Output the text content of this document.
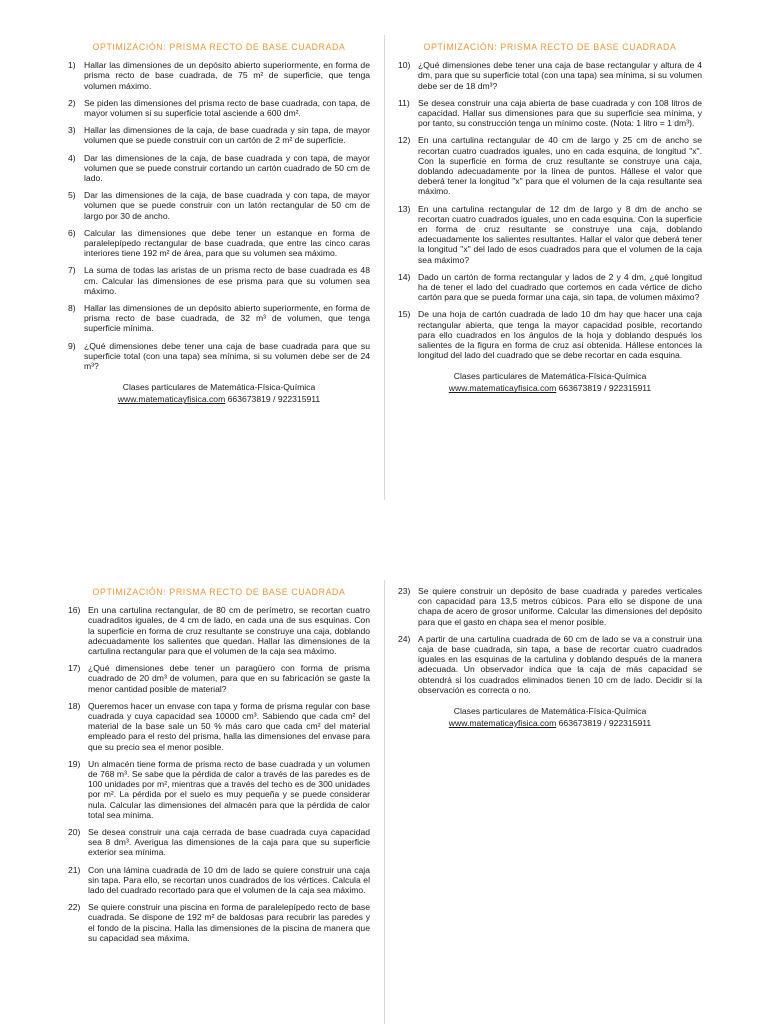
OPTIMIZACIÓN: PRISMA RECTO DE BASE CUADRADA
1) Hallar las dimensiones de un depósito abierto superiormente, en forma de prisma recto de base cuadrada, de 75 m² de superficie, que tenga volumen máximo.
2) Se piden las dimensiones del prisma recto de base cuadrada, con tapa, de mayor volumen si su superficie total asciende a 600 dm².
3) Hallar las dimensiones de la caja, de base cuadrada y sin tapa, de mayor volumen que se puede construir con un cartón de 2 m² de superficie.
4) Dar las dimensiones de la caja, de base cuadrada y con tapa, de mayor volumen que se puede construir cortando un cartón cuadrado de 50 cm de lado.
5) Dar las dimensiones de la caja, de base cuadrada y con tapa, de mayor volumen que se puede construir con un latón rectangular de 50 cm de largo por 30 de ancho.
6) Calcular las dimensiones que debe tener un estanque en forma de paralelepípedo rectangular de base cuadrada, que entre las cinco caras interiores tiene 192 m² de área, para que su volumen sea máximo.
7) La suma de todas las aristas de un prisma recto de base cuadrada es 48 cm. Calcular las dimensiones de ese prisma para que su volumen sea máximo.
8) Hallar las dimensiones de un depósito abierto superiormente, en forma de prisma recto de base cuadrada, de 32 m³ de volumen, que tenga superficie mínima.
9) ¿Qué dimensiones debe tener una caja de base cuadrada para que su superficie total (con una tapa) sea mínima, si su volumen debe ser de 24 m³?
Clases particulares de Matemática-Física-Química
www.matematicayfisica.com 663673819 / 922315911
OPTIMIZACIÓN: PRISMA RECTO DE BASE CUADRADA
10) ¿Qué dimensiones debe tener una caja de base rectangular y altura de 4 dm, para que su superficie total (con una tapa) sea mínima, si su volumen debe ser de 18 dm³?
11) Se desea construir una caja abierta de base cuadrada y con 108 litros de capacidad. Hallar sus dimensiones para que su superficie sea mínima, y por tanto, su construcción tenga un mínimo coste. (Nota: 1 litro = 1 dm³).
12) En una cartulina rectangular de 40 cm de largo y 25 cm de ancho se recortan cuatro cuadrados iguales, uno en cada esquina, de longitud "x". Con la superficie en forma de cruz resultante se construye una caja, doblando adecuadamente por la línea de puntos. Hállese el valor que deberá tener la longitud "x" para que el volumen de la caja resultante sea máximo.
13) En una cartulina rectangular de 12 dm de largo y 8 dm de ancho se recortan cuatro cuadrados iguales, uno en cada esquina. Con la superficie en forma de cruz resultante se construye una caja, doblando adecuadamente los salientes resultantes. Hallar el valor que deberá tener la longitud "x" del lado de esos cuadrados para que el volumen de la caja sea máximo?
14) Dado un cartón de forma rectangular y lados de 2 y 4 dm, ¿qué longitud ha de tener el lado del cuadrado que cortemos en cada vértice de dicho cartón para que se pueda formar una caja, sin tapa, de volumen máximo?
15) De una hoja de cartón cuadrada de lado 10 dm hay que hacer una caja rectangular abierta, que tenga la mayor capacidad posible, recortando para ello cuadrados en los ángulos de la hoja y doblando después los salientes de la figura en forma de cruz así obtenida. Hállese entonces la longitud del lado del cuadrado que se debe recortar en cada esquina.
Clases particulares de Matemática-Física-Química
www.matematicayfisica.com 663673819 / 922315911
OPTIMIZACIÓN: PRISMA RECTO DE BASE CUADRADA
16) En una cartulina rectangular, de 80 cm de perímetro, se recortan cuatro cuadraditos iguales, de 4 cm de lado, en cada una de sus esquinas. Con la superficie en forma de cruz resultante se construye una caja, doblando adecuadamente los salientes que quedan. Hallar las dimensiones de la cartulina rectangular para que el volumen de la caja sea máximo.
17) ¿Qué dimensiones debe tener un paragüero con forma de prisma cuadrado de 20 dm³ de volumen, para que en su fabricación se gaste la menor cantidad posible de material?
18) Queremos hacer un envase con tapa y forma de prisma regular con base cuadrada y cuya capacidad sea 10000 cm³. Sabiendo que cada cm² del material de la base sale un 50 % más caro que cada cm² del material empleado para el resto del prisma, halla las dimensiones del envase para que su precio sea el menor posible.
19) Un almacén tiene forma de prisma recto de base cuadrada y un volumen de 768 m³. Se sabe que la pérdida de calor a través de las paredes es de 100 unidades por m², mientras que a través del techo es de 300 unidades por m². La pérdida por el suelo es muy pequeña y se puede considerar nula. Calcular las dimensiones del almacén para que la pérdida de calor total sea mínima.
20) Se desea construir una caja cerrada de base cuadrada cuya capacidad sea 8 dm³. Averigua las dimensiones de la caja para que su superficie exterior sea mínima.
21) Con una lámina cuadrada de 10 dm de lado se quiere construir una caja sin tapa. Para ello, se recortan unos cuadrados de los vértices. Calcula el lado del cuadrado recortado para que el volumen de la caja sea máximo.
22) Se quiere construir una piscina en forma de paralelepípedo recto de base cuadrada. Se dispone de 192 m² de baldosas para recubrir las paredes y el fondo de la piscina. Halla las dimensiones de la piscina de manera que su capacidad sea máxima.
23) Se quiere construir un depósito de base cuadrada y paredes verticales con capacidad para 13,5 metros cúbicos. Para ello se dispone de una chapa de acero de grosor uniforme. Calcular las dimensiones del depósito para que el gasto en chapa sea el menor posible.
24) A partir de una cartulina cuadrada de 60 cm de lado se va a construir una caja de base cuadrada, sin tapa, a base de recortar cuatro cuadrados iguales en las esquinas de la cartulina y doblando después de la manera adecuada. Un observador indica que la caja de más capacidad se obtendrá si los cuadrados eliminados tienen 10 cm de lado. Decidir si la observación es correcta o no.
Clases particulares de Matemática-Física-Química
www.matematicayfisica.com 663673819 / 922315911
